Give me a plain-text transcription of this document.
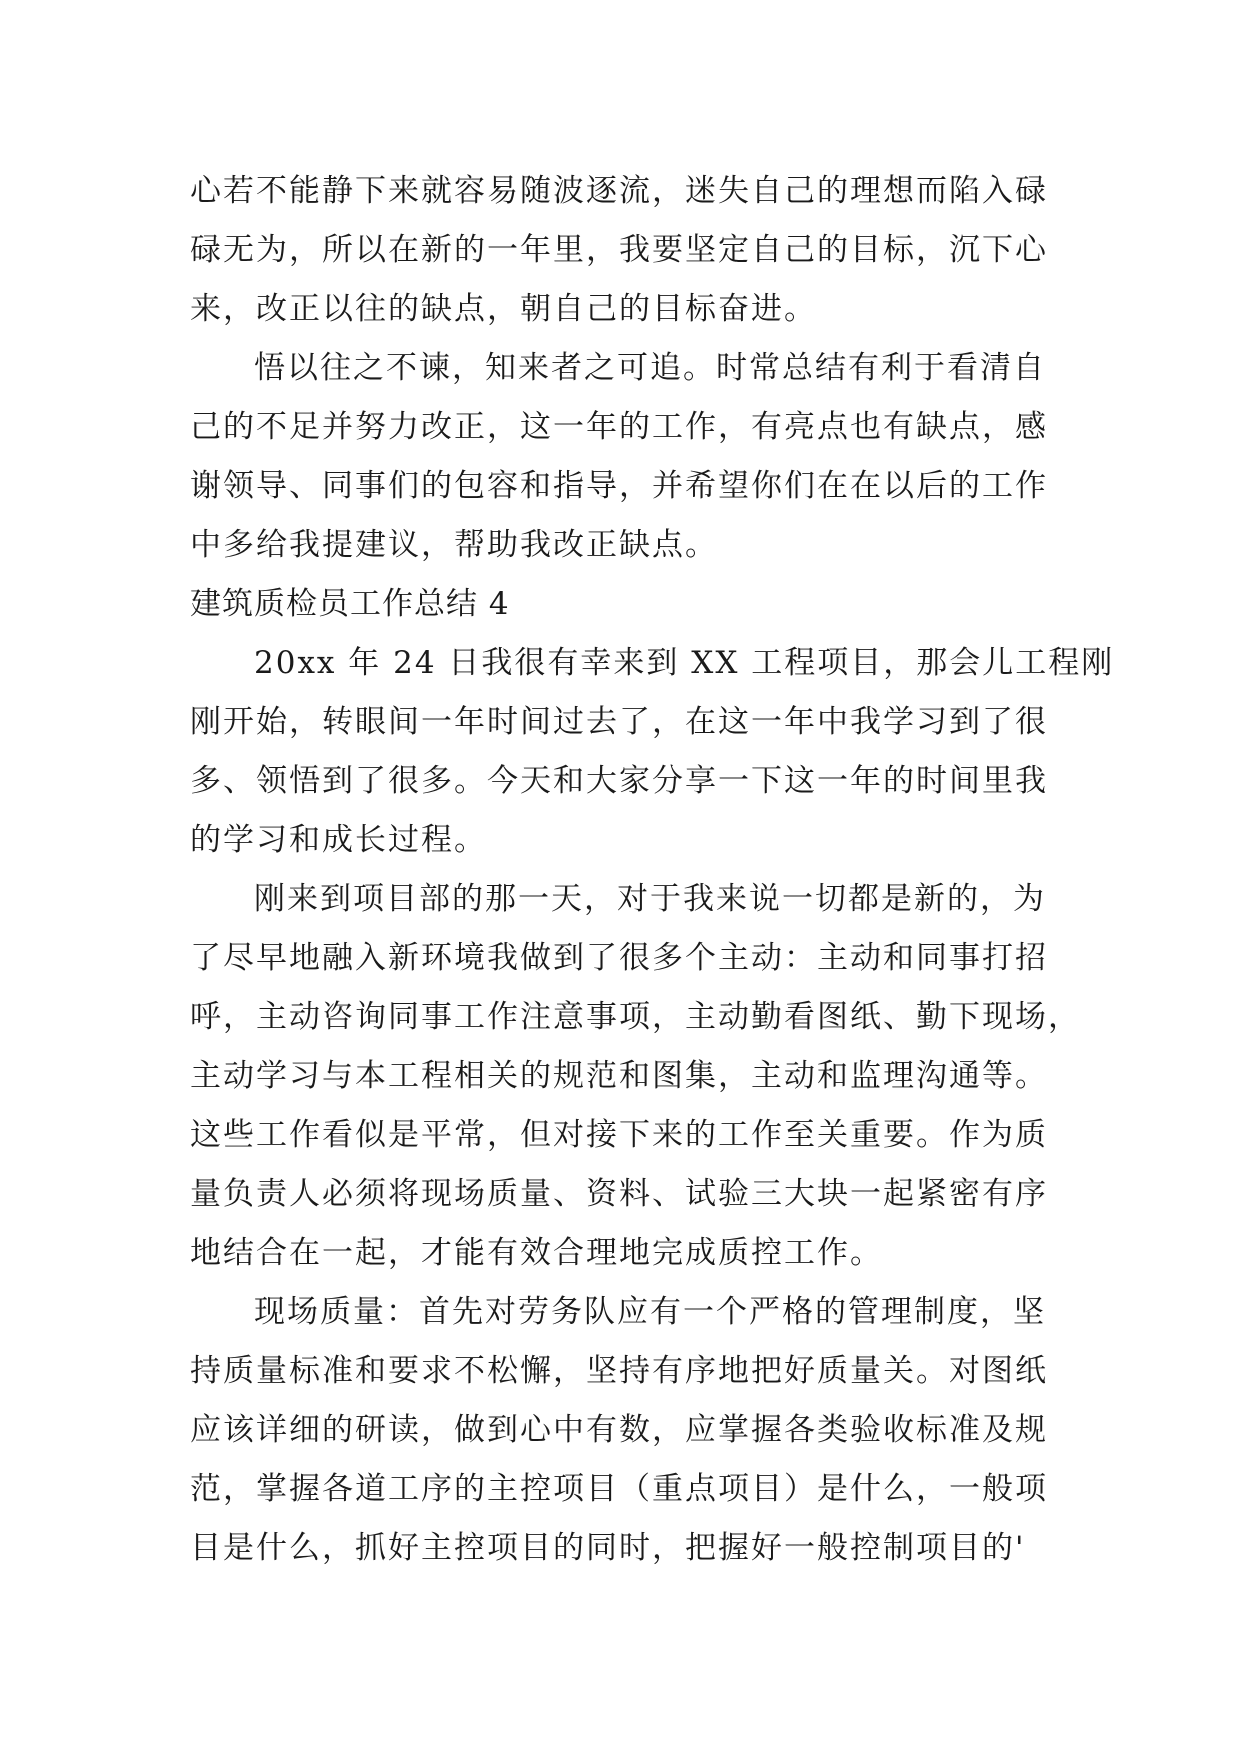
心若不能静下来就容易随波逐流，迷失自己的理想而陷入碌
碌无为，所以在新的一年里，我要坚定自己的目标，沉下心
来，改正以往的缺点，朝自己的目标奋进。
悟以往之不谏，知来者之可追。时常总结有利于看清自
己的不足并努力改正，这一年的工作，有亮点也有缺点，感
谢领导、同事们的包容和指导，并希望你们在在以后的工作
中多给我提建议，帮助我改正缺点。
建筑质检员工作总结 4
20xx 年 24 日我很有幸来到 XX 工程项目，那会儿工程刚
刚开始，转眼间一年时间过去了，在这一年中我学习到了很
多、领悟到了很多。今天和大家分享一下这一年的时间里我
的学习和成长过程。
刚来到项目部的那一天，对于我来说一切都是新的，为
了尽早地融入新环境我做到了很多个主动：主动和同事打招
呼，主动咨询同事工作注意事项，主动勤看图纸、勤下现场，
主动学习与本工程相关的规范和图集，主动和监理沟通等。
这些工作看似是平常，但对接下来的工作至关重要。作为质
量负责人必须将现场质量、资料、试验三大块一起紧密有序
地结合在一起，才能有效合理地完成质控工作。
现场质量：首先对劳务队应有一个严格的管理制度，坚
持质量标准和要求不松懈，坚持有序地把好质量关。对图纸
应该详细的研读，做到心中有数，应掌握各类验收标准及规
范，掌握各道工序的主控项目（重点项目）是什么，一般项
目是什么，抓好主控项目的同时，把握好一般控制项目的'
